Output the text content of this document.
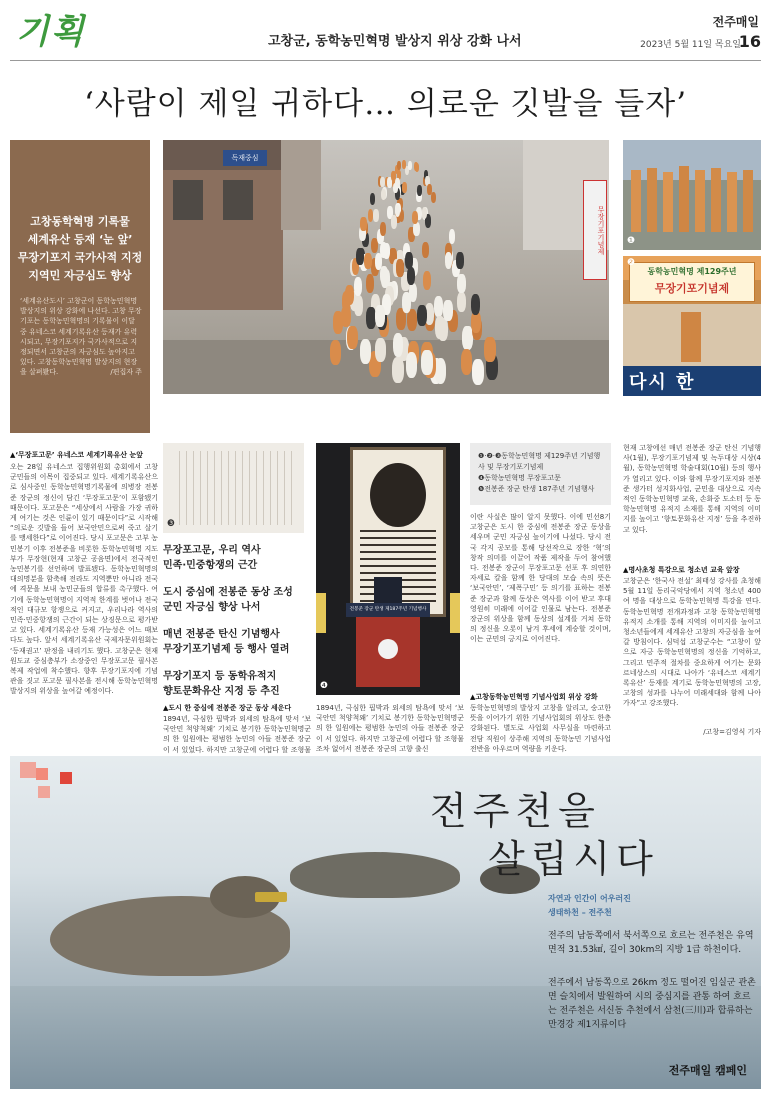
기획	고창군, 동학농민혁명 발상지 위상 강화 나서
전주매일
2023년 5월 11일 목요일
16
‘사람이 제일 귀하다… 의로운 깃발을 들자’
고창동학혁명 기록물
세계유산 등재 ‘눈 앞’
무장기포지 국가사적 지정
지역민 자긍심도 향상
‘세계유산도시’ 고창군이 동학농민혁명 발상지의 위상 강화에 나선다. 고창 무장기포는 동학농민혁명의 기록물이 이달 중 유네스코 세계기록유산 등재가 유력시되고, 무장기포지가 국가사적으로 지정되면서 고창군의 자긍심도 높아지고 있다. 고창동학농민혁명 발상지의 현장을 살펴봤다.	/편집자 주
독재중심
무장기포기념제 ❶
동학농민혁명 제129주년
무장기포기념제
다시 한
❷
▲‘무장포고문’ 유네스코 세계기록유산 눈앞
오는 28일 유네스코 집행위원회 총회에서 고창군민들의 이목이 집중되고 있다. 세계기록유산으로 심사중인 동학농민혁명기록물에 의병장 전봉준 장군의 정신이 담긴 ‘무장포고문’이 포함됐기 때문이다. 포고문은 “세상에서 사람을 가장 귀하게 여기는 것은 인륜이 있기 때문이다”로 시작해 “의로운 깃발을 들어 보국안민으로써 죽고 살기를 맹세한다”로 이어진다. 당시 포고문은 고부 농민봉기 이후 전봉준을 비롯한 동학농민혁명 지도부가 무장현(현재 고창군 공음면)에서 전국적인 농민봉기를 선언하며 발표됐다. 동학농민혁명의 대의명분을 함축해 전라도 지역뿐만 아니라 전국에 격문을 보내 농민군들의 합류를 촉구했다. 여기에 동학농민혁명이 지역적 한계를 벗어나 전국적인 대규모 항쟁으로 커지고, 우리나라 역사의 민족·민중항쟁의 근간이 되는 상징문으로 평가받고 있다. 세계기록유산 등재 가능성은 어느 때보다도 높다. 앞서 세계기록유산 국제자문위원회는 ‘등재권고’ 판정을 내리기도 했다. 고창군은 현재 원도교 중심층부가 소장중인 무장포고문 필사본 복제 작업에 착수했다. 향후 무장기포지에 기념관을 짓고 포고문 필사본을 전시해 동학농민혁명 발상지의 위상을 높여갈 예정이다.
❸
무장포고문, 우리 역사
민족·민중항쟁의 근간
도시 중심에 전봉준 동상 조성
군민 자긍심 향상 나서
매년 전봉준 탄신 기념행사
무장기포기념제 등 행사 열려
무장기포지 등 동학유적지
향토문화유산 지정 등 추진
▲도시 한 중심에 전봉준 장군 동상 세운다
1894년, 극심한 핍박과 외세의 탐욕에 맞서 ‘보국안민 척양척왜’ 기치로 봉기한 동학농민혁명군의 한 일원에는 평범한 농민의 아들 전봉준 장군이 서 있었다. 하지만 고창군에 어렵다 할 조형물
전봉준 장군 탄생 제187주년 기념행사
❹
1894년, 극심한 핍박과 외세의 탐욕에 맞서 ‘보국안민 척양척왜’ 기치로 봉기한 동학농민혁명군의 한 일원에는 평범한 농민의 아들 전봉준 장군이 서 있었다. 하지만 고창군에 어렵다 할 조형물조차 없어서 전봉준 장군의 고향 출신
❶·❷·❸동학농민혁명 제129주년 기념행사 및 무장기포기념제
❹동학농민혁명 무장포고문
❺전봉준 장군 탄생 187주년 기념행사
이란 사실은 많이 알지 못했다. 이에 민선8기 고창군은 도시 한 중심에 전봉준 장군 동상을 세우며 군민 자긍심 높이기에 나섰다. 당시 전국 각지 공모를 통해 당선작으로 장한 ‘혁’의 창작 의미를 이끌어 작품 제작을 두어 참여했다. 전봉준 장군이 무장포고문 선포 후 의연한 자세로 칼을 함께 한 당대의 모습 속의 뜻은 ‘보국안민’, ‘제폭구민’ 등 의기를 표하는 전봉준 장군과 함께 동상은 역사를 이어 받고 후대 영원히 미래에 이어갈 인물로 남는다. 전봉준 장군의 위상을 함께 동상의 설계를 거쳐 동학의 정신을 오롯이 남겨 후세에 계승할 것이며, 이는 군민의 긍지로 이어진다.
▲고창동학농민혁명 기념사업회 위상 강화
동학농민혁명의 발상지 고창을 알리고, 숭고한 뜻을 이어가기 위한 기념사업회의 위상도 한층 강화된다. 별도로 사업회 사무실을 마련하고 전담 직원이 상주해 지역의 동학농민 기념사업 전반을 아우르며 역량을 키운다.
현재 고창에선 매년 전봉준 장군 탄신 기념행사(1월), 무장기포기념제 및 녹두대상 시상(4월), 동학농민혁명 학술대회(10월) 등의 행사가 열리고 있다. 이와 함께 무장기포지와 전봉준 생가터 성지화사업, 군민을 대상으로 지속적인 동학농민혁명 교육, 손화중 도소터 등 동학농민혁명 유적지 소재를 통해 지역의 이미지를 높이고 ‘향토문화유산 지정’ 등을 추진하고 있다.
▲명사초청 특강으로 청소년 교육 앞장
고창군은 ‘한국사 전설’ 최태성 강사를 초청해 5월 11일 동리국악당에서 지역 청소년 400여 명을 대상으로 동학농민혁명 특강을 연다. 동학농민혁명 전개과정과 고창 동학농민혁명 유적지 소개를 통해 지역의 이미지를 높이고 청소년들에게 세계유산 고창의 자긍심을 높여갈 방침이다. 심덕섭 고창군수는 “고창이 앞으로 자긍 동학농민혁명의 정신을 기억하고, 그리고 민주적 절차를 중요하게 여기는 문화 르네상스의 시대로 나아가 ‘유네스코 세계기록유산’ 등재를 계기로 동학농민혁명의 고장, 고창의 성과를 나누어 미래세대와 함께 나아가자”고 강조했다.
/고창=김영식 기자
전주천을
살립시다
자연과 인간이 어우러진
생태하천 – 전주천
전주의 남동쪽에서 북서쪽으로 흐르는 전주천은 유역면적 31.53㎢, 길이 30km의 지방 1급 하천이다.
전주에서 남동쪽으로 26km 정도 떨어진 임실군 관촌면 슬치에서 발원하여 시의 중심지를 관통 하여 흐르는 전주천은 서신동 추천에서 삼천(三川)과 합류하는 만경강 제1지류이다
전주매일 캠페인
